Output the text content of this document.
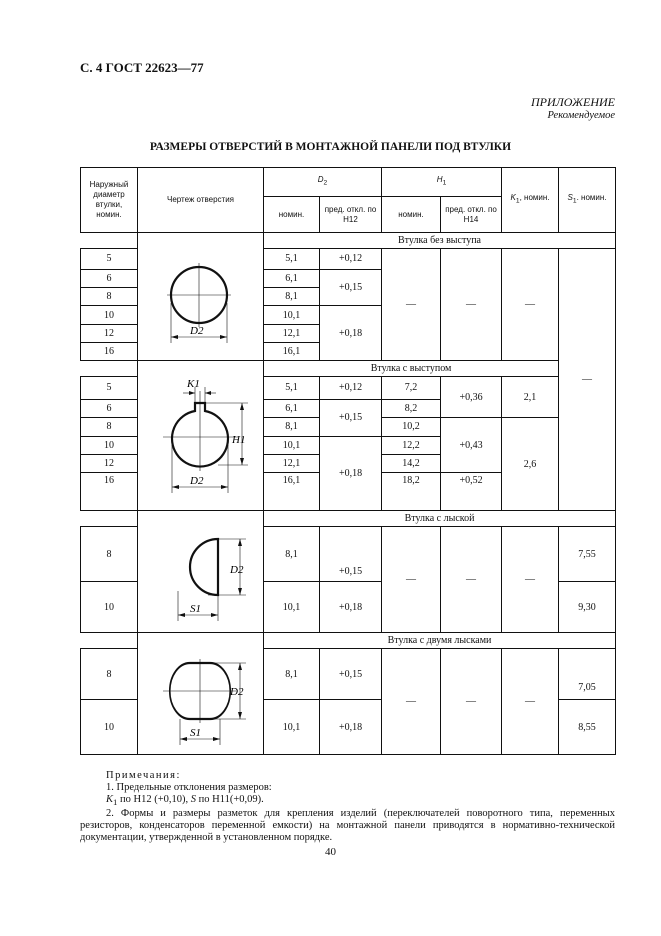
С. 4 ГОСТ 22623—77
ПРИЛОЖЕНИЕ
Рекомендуемое
РАЗМЕРЫ ОТВЕРСТИЙ В МОНТАЖНОЙ ПАНЕЛИ ПОД ВТУЛКИ
Наружный диаметр втулки, номин.	Чертеж отверстия	$D_2$		$H_1$		$K_1$, номин.	$S_1$. номин.
		номин.	пред. откл. по Н12	номин.	пред. откл. по Н14		

D2	Втулка без выступа					
5		5,1	+0,12	—	—	—	—
6		6,1	+0,15				
8		8,1					
10		10,1	+0,18				
12		12,1					
16		16,1					

K1
H1
D2	Втулка с выступом					
5		5,1	+0,12	7,2	+0,36	2,1	
6		6,1	+0,15	8,2			
8		8,1		10,2	+0,43	2,6	
10		10,1	+0,18	12,2			
12		12,1		14,2			
16		16,1		18,2	+0,52		

D2
S1	Втулка с лыской					
8		8,1	+0,15	—	—	—	7,55
10		10,1	+0,18				9,30

D2
S1	Втулка с двумя лысками					
8		8,1	+0,15	—	—	—	7,05
10		10,1	+0,18				8,55

Примечания:

1. Предельные отклонения размеров:

$K_1$ по Н12 (+0,10), S по Н11(+0,09).

2. Формы и размеры разметок для крепления изделий (переключателей поворотного типа, переменных резисторов, конденсаторов переменной емкости) на монтажной панели приводятся в нормативно-технической документации, утвержденной в установленном порядке.

40
